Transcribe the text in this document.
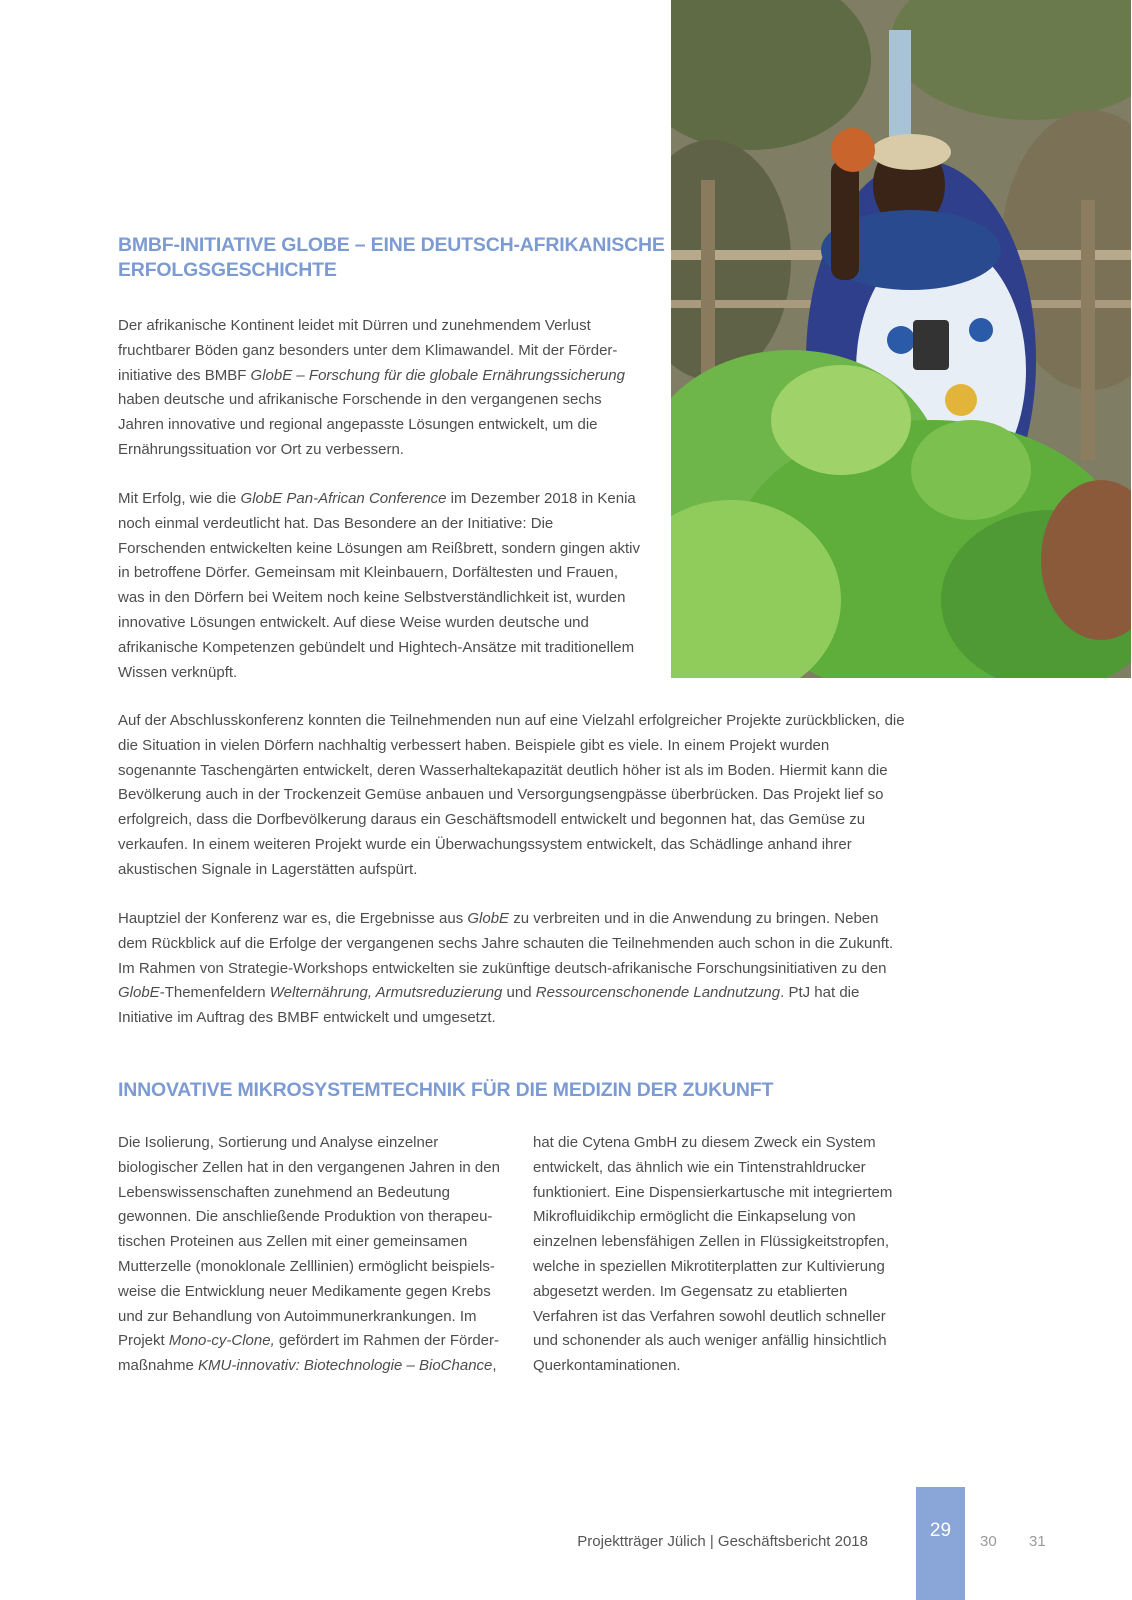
BMBF-INITIATIVE GLOBE – EINE DEUTSCH-AFRIKANISCHE
ERFOLGSGESCHICHTE

Der afrikanische Kontinent leidet mit Dürren und zunehmendem Verlust fruchtbarer Böden ganz besonders unter dem Klimawandel. Mit der Förderinitiative des BMBF GlobE – Forschung für die globale Ernährungssicherung haben deutsche und afrikanische Forschende in den vergangenen sechs Jahren innovative und regional angepasste Lösungen entwickelt, um die Ernährungssituation vor Ort zu verbessern.

Mit Erfolg, wie die GlobE Pan-African Conference im Dezember 2018 in Kenia noch einmal verdeutlicht hat. Das Besondere an der Initiative: Die Forschenden entwickelten keine Lösungen am Reißbrett, sondern gingen aktiv in betroffene Dörfer. Gemeinsam mit Kleinbauern, Dorfältesten und Frauen, was in den Dörfern bei Weitem noch keine Selbstverständlichkeit ist, wurden innovative Lösungen entwickelt. Auf diese Weise wurden deutsche und afrikanische Kompetenzen gebündelt und Hightech-Ansätze mit traditionellem Wissen verknüpft.

Auf der Abschlusskonferenz konnten die Teilnehmenden nun auf eine Vielzahl erfolgreicher Projekte zurückblicken, die die Situation in vielen Dörfern nachhaltig verbessert haben. Beispiele gibt es viele. In einem Projekt wurden sogenannte Taschengärten entwickelt, deren Wasserhaltekapazität deutlich höher ist als im Boden. Hiermit kann die Bevölkerung auch in der Trockenzeit Gemüse anbauen und Versorgungsengpässe überbrücken. Das Projekt lief so erfolgreich, dass die Dorfbevölkerung daraus ein Geschäftsmodell entwickelt und begonnen hat, das Gemüse zu verkaufen. In einem weiteren Projekt wurde ein Überwachungssystem entwickelt, das Schädlinge anhand ihrer akustischen Signale in Lagerstätten aufspürt.

Hauptziel der Konferenz war es, die Ergebnisse aus GlobE zu verbreiten und in die Anwendung zu bringen. Neben dem Rückblick auf die Erfolge der vergangenen sechs Jahre schauten die Teilnehmenden auch schon in die Zukunft. Im Rahmen von Strategie-Workshops entwickelten sie zukünftige deutsch-afrikanische Forschungsinitiativen zu den GlobE-Themenfeldern Welternährung, Armutsreduzierung und Ressourcenschonende Landnutzung. PtJ hat die Initiative im Auftrag des BMBF entwickelt und umgesetzt.

INNOVATIVE MIKROSYSTEMTECHNIK FÜR DIE MEDIZIN DER ZUKUNFT

Die Isolierung, Sortierung und Analyse einzelner biologischer Zellen hat in den vergangenen Jahren in den Lebenswissenschaften zunehmend an Bedeutung gewonnen. Die anschließende Produktion von therapeutischen Proteinen aus Zellen mit einer gemeinsamen Mutterzelle (monoklonale Zelllinien) ermöglicht beispielsweise die Entwicklung neuer Medikamente gegen Krebs und zur Behandlung von Autoimmunerkrankungen. Im Projekt Mono-cy-Clone, gefördert im Rahmen der Fördermaßnahme KMU-innovativ: Biotechnologie – BioChance,

hat die Cytena GmbH zu diesem Zweck ein System entwickelt, das ähnlich wie ein Tintenstrahldrucker funktioniert. Eine Dispensierkartusche mit integriertem Mikrofluidikchip ermöglicht die Einkapselung von einzelnen lebensfähigen Zellen in Flüssigkeitstropfen, welche in speziellen Mikrotiterplatten zur Kultivierung abgesetzt werden. Im Gegensatz zu etablierten Verfahren ist das Verfahren sowohl deutlich schneller und schonender als auch weniger anfällig hinsichtlich Querkontaminationen.

Projektträger Jülich | Geschäftsbericht 2018
29
30 31
